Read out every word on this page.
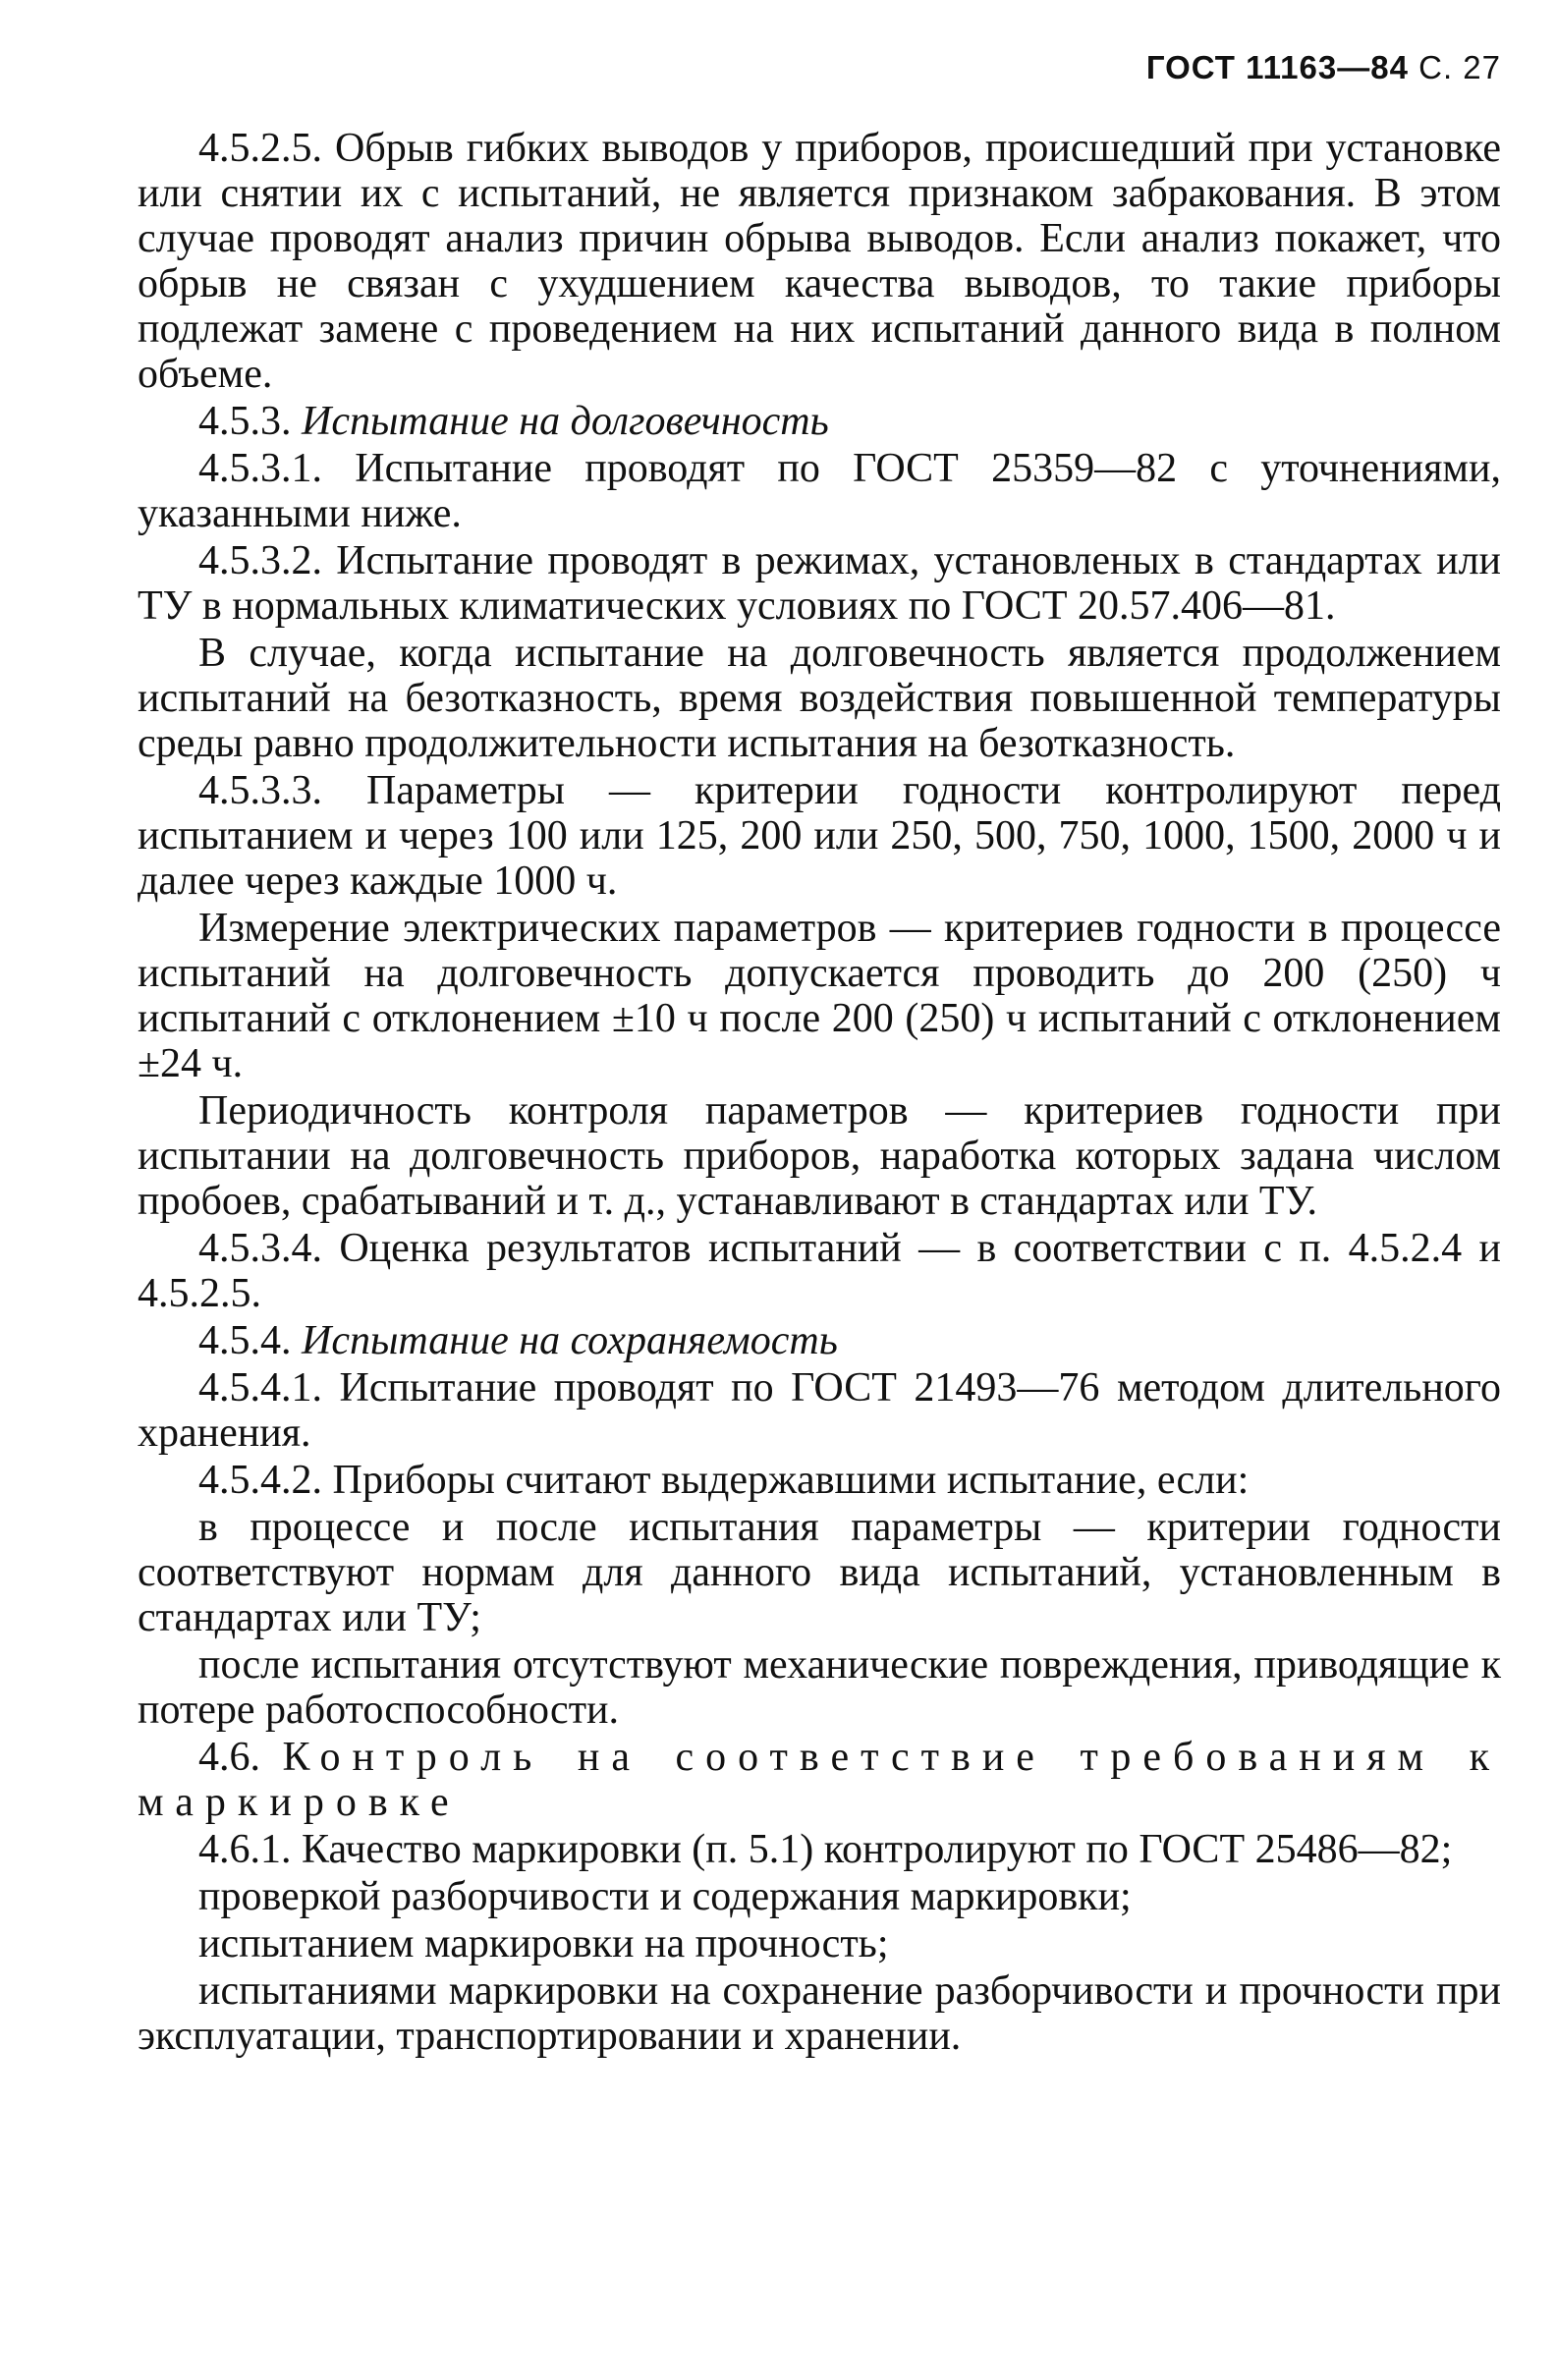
ГОСТ 11163—84 С. 27

4.5.2.5. Обрыв гибких выводов у приборов, происшедший при установке или снятии их с испытаний, не является признаком забракования. В этом случае проводят анализ причин обрыва выводов. Если анализ покажет, что обрыв не связан с ухудшением качества выводов, то такие приборы подлежат замене с проведением на них испытаний данного вида в полном объеме.

4.5.3. Испытание на долговечность

4.5.3.1. Испытание проводят по ГОСТ 25359—82 с уточнениями, указанными ниже.

4.5.3.2. Испытание проводят в режимах, установленых в стандартах или ТУ в нормальных климатических условиях по ГОСТ 20.57.406—81.

В случае, когда испытание на долговечность является продолжением испытаний на безотказность, время воздействия повышенной температуры среды равно продолжительности испытания на безотказность.

4.5.3.3. Параметры — критерии годности контролируют перед испытанием и через 100 или 125, 200 или 250, 500, 750, 1000, 1500, 2000 ч и далее через каждые 1000 ч.

Измерение электрических параметров — критериев годности в процессе испытаний на долговечность допускается проводить до 200 (250) ч испытаний с отклонением ±10 ч после 200 (250) ч испытаний с отклонением ±24 ч.

Периодичность контроля параметров — критериев годности при испытании на долговечность приборов, наработка которых задана числом пробоев, срабатываний и т. д., устанавливают в стандартах или ТУ.

4.5.3.4. Оценка результатов испытаний — в соответствии с п. 4.5.2.4 и 4.5.2.5.

4.5.4. Испытание на сохраняемость

4.5.4.1. Испытание проводят по ГОСТ 21493—76 методом длительного хранения.

4.5.4.2. Приборы считают выдержавшими испытание, если:

в процессе и после испытания параметры — критерии годности соответствуют нормам для данного вида испытаний, установленным в стандартах или ТУ;

после испытания отсутствуют механические повреждения, приводящие к потере работоспособности.

4.6. Контроль на соответствие требованиям к маркировке

4.6.1. Качество маркировки (п. 5.1) контролируют по ГОСТ 25486—82;

проверкой разборчивости и содержания маркировки;

испытанием маркировки на прочность;

испытаниями маркировки на сохранение разборчивости и прочности при эксплуатации, транспортировании и хранении.
